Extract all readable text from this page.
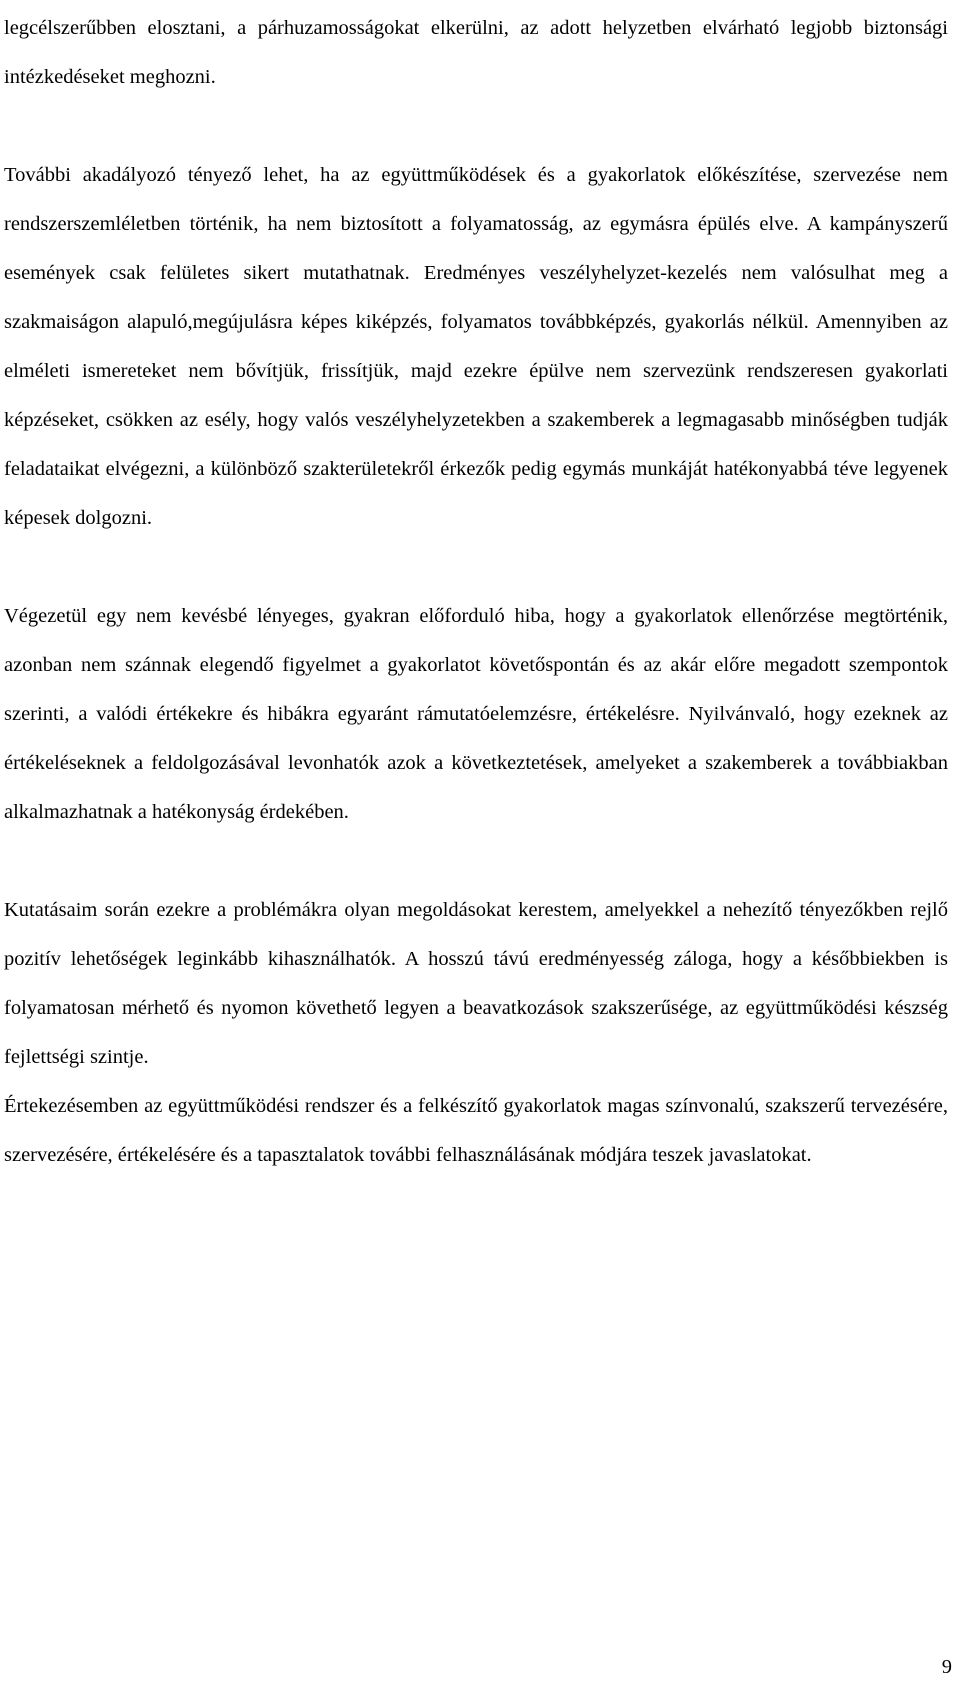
legcélszerűbben elosztani, a párhuzamosságokat elkerülni, az adott helyzetben elvárható legjobb biztonsági intézkedéseket meghozni.

További akadályozó tényező lehet, ha az együttműködések és a gyakorlatok előkészítése, szervezése nem rendszerszemléletben történik, ha nem biztosított a folyamatosság, az egymásra épülés elve. A kampányszerű események csak felületes sikert mutathatnak. Eredményes veszélyhelyzet-kezelés nem valósulhat meg a szakmaiságon alapuló,megújulásra képes kiképzés, folyamatos továbbképzés, gyakorlás nélkül. Amennyiben az elméleti ismereteket nem bővítjük, frissítjük, majd ezekre épülve nem szervezünk rendszeresen gyakorlati képzéseket, csökken az esély, hogy valós veszélyhelyzetekben a szakemberek a legmagasabb minőségben tudják feladataikat elvégezni, a különböző szakterületekről érkezők pedig egymás munkáját hatékonyabbá téve legyenek képesek dolgozni.

Végezetül egy nem kevésbé lényeges, gyakran előforduló hiba, hogy a gyakorlatok ellenőrzése megtörténik, azonban nem szánnak elegendő figyelmet a gyakorlatot követőspontán és az akár előre megadott szempontok szerinti, a valódi értékekre és hibákra egyaránt rámutatóelemzésre, értékelésre. Nyilvánvaló, hogy ezeknek az értékeléseknek a feldolgozásával levonhatók azok a következtetések, amelyeket a szakemberek a továbbiakban alkalmazhatnak a hatékonyság érdekében.

Kutatásaim során ezekre a problémákra olyan megoldásokat kerestem, amelyekkel a nehezítő tényezőkben rejlő pozitív lehetőségek leginkább kihasználhatók. A hosszú távú eredményesség záloga, hogy a későbbiekben is folyamatosan mérhető és nyomon követhető legyen a beavatkozások szakszerűsége, az együttműködési készség fejlettségi szintje.

Értekezésemben az együttműködési rendszer és a felkészítő gyakorlatok magas színvonalú, szakszerű tervezésére, szervezésére, értékelésére és a tapasztalatok további felhasználásának módjára teszek javaslatokat.

9
